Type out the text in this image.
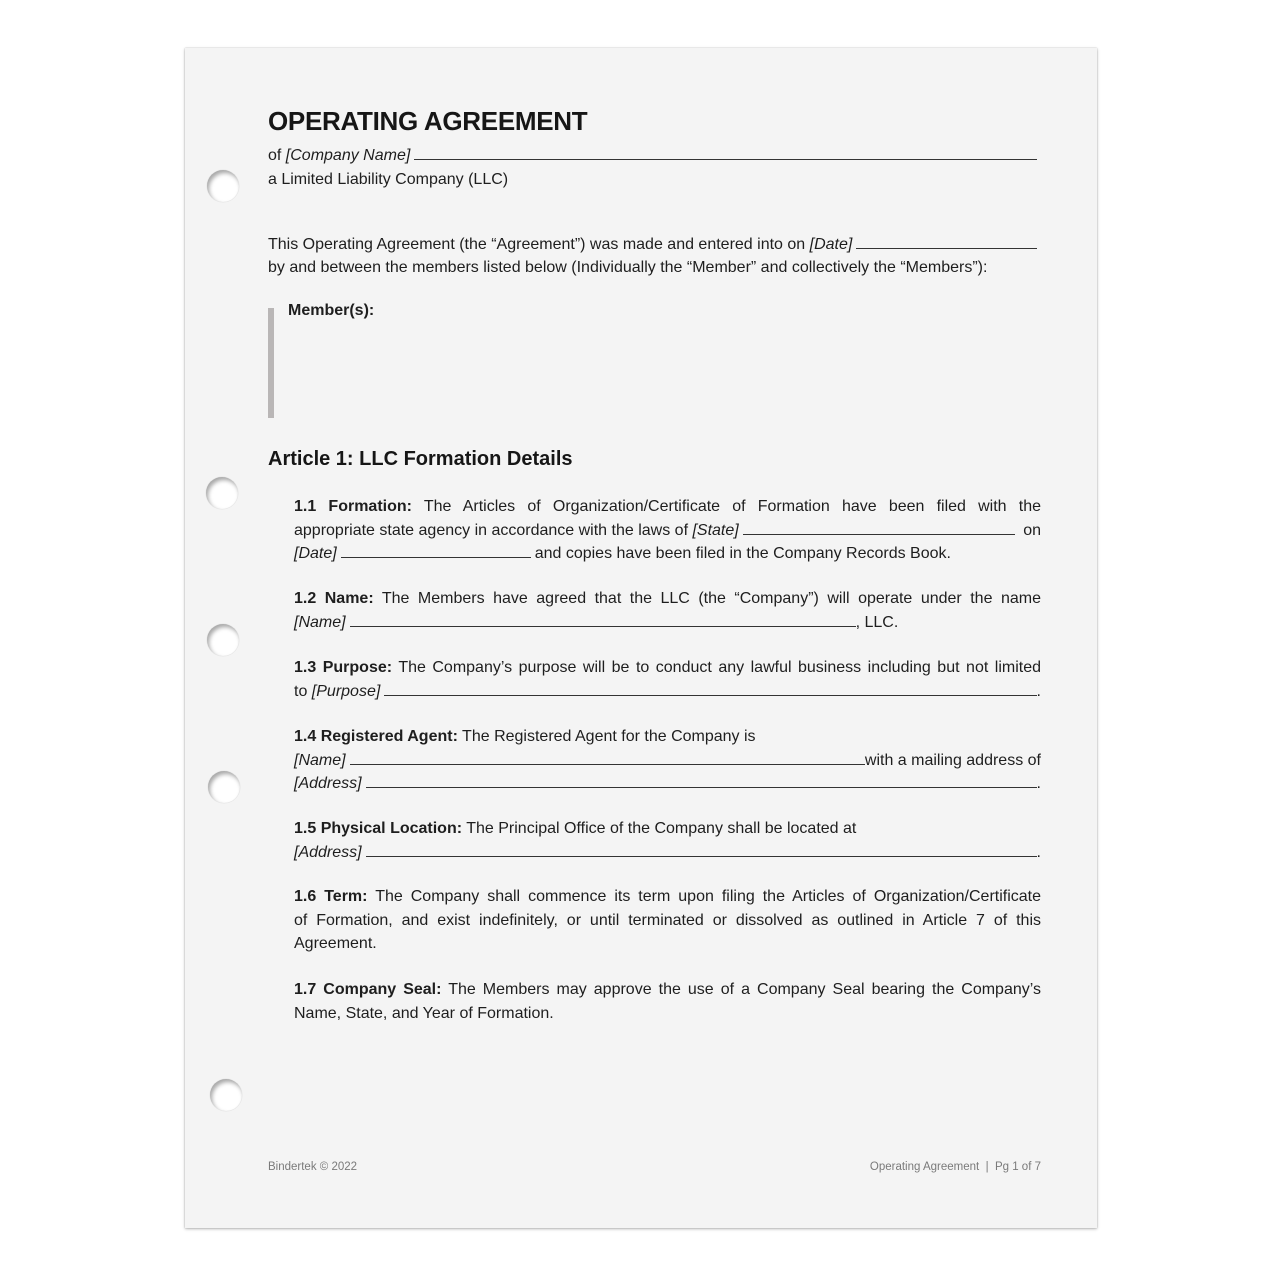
OPERATING AGREEMENT
of
[Company Name]
a Limited Liability Company (LLC)
This Operating Agreement (the “Agreement”) was made and entered into on
[Date]
by and between the members listed below (Individually the “Member” and collectively the “Members”):
Member(s):
Article 1: LLC Formation Details
1.1 Formation: The Articles of Organization/Certificate of Formation have been filed with the
appropriate state agency in accordance with the laws of
[State]	on
[Date]	and copies have been filed in the Company Records Book.
1.2 Name: The Members have agreed that the LLC (the “Company”) will operate under the name
[Name]	, LLC.
1.3 Purpose: The Company’s purpose will be to conduct any lawful business including but not limited
to
[Purpose]	.
1.4 Registered Agent: The Registered Agent for the Company is
[Name]	with a mailing address of
[Address]	.
1.5 Physical Location: The Principal Office of the Company shall be located at
[Address]	.
1.6 Term: The Company shall commence its term upon filing the Articles of Organization/Certificate
of Formation, and exist indefinitely, or until terminated or dissolved as outlined in Article 7 of this
Agreement.
1.7 Company Seal: The Members may approve the use of a Company Seal bearing the Company’s
Name, State, and Year of Formation.
Bindertek © 2022	Operating Agreement  |  Pg 1 of 7
